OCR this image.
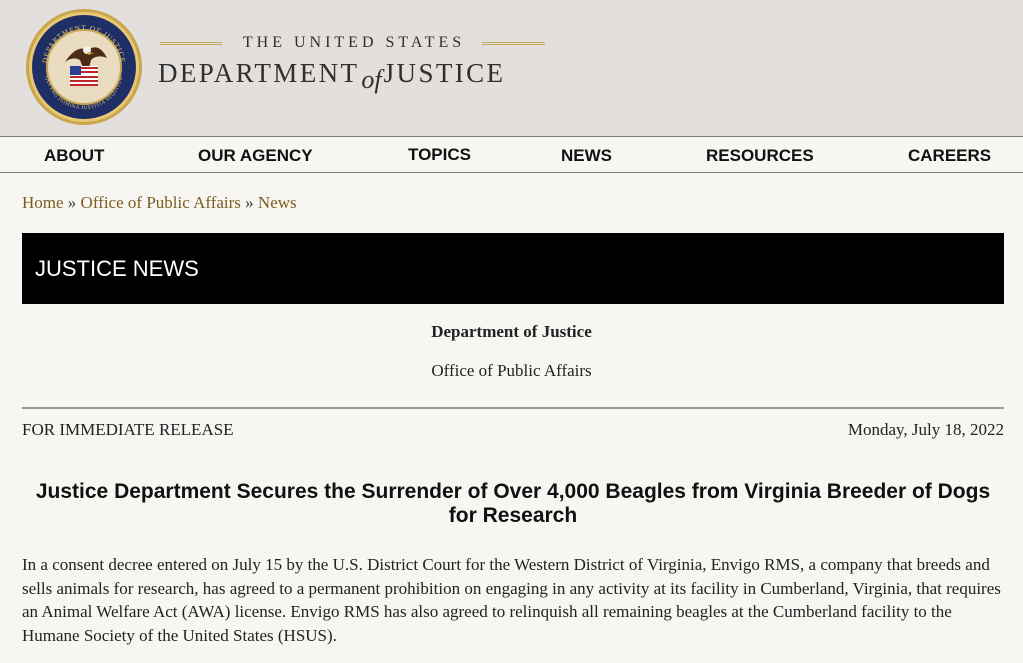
DEPARTMENT OF JUSTICE
QUI PRO DOMINA JUSTITIA SEQUITUR
THE UNITED STATES
DEPARTMENTofJUSTICE
ABOUT	OUR AGENCY	TOPICS	NEWS	RESOURCES	CAREERS
Home » Office of Public Affairs » News
JUSTICE NEWS
Department of Justice
Office of Public Affairs
FOR IMMEDIATE RELEASE	Monday, July 18, 2022
Justice Department Secures the Surrender of Over 4,000 Beagles from Virginia Breeder of Dogs for Research

In a consent decree entered on July 15 by the U.S. District Court for the Western District of Virginia, Envigo RMS, a company that breeds and sells animals for research, has agreed to a permanent prohibition on engaging in any activity at its facility in Cumberland, Virginia, that requires an Animal Welfare Act (AWA) license. Envigo RMS has also agreed to relinquish all remaining beagles at the Cumberland facility to the Humane Society of the United States (HSUS).
